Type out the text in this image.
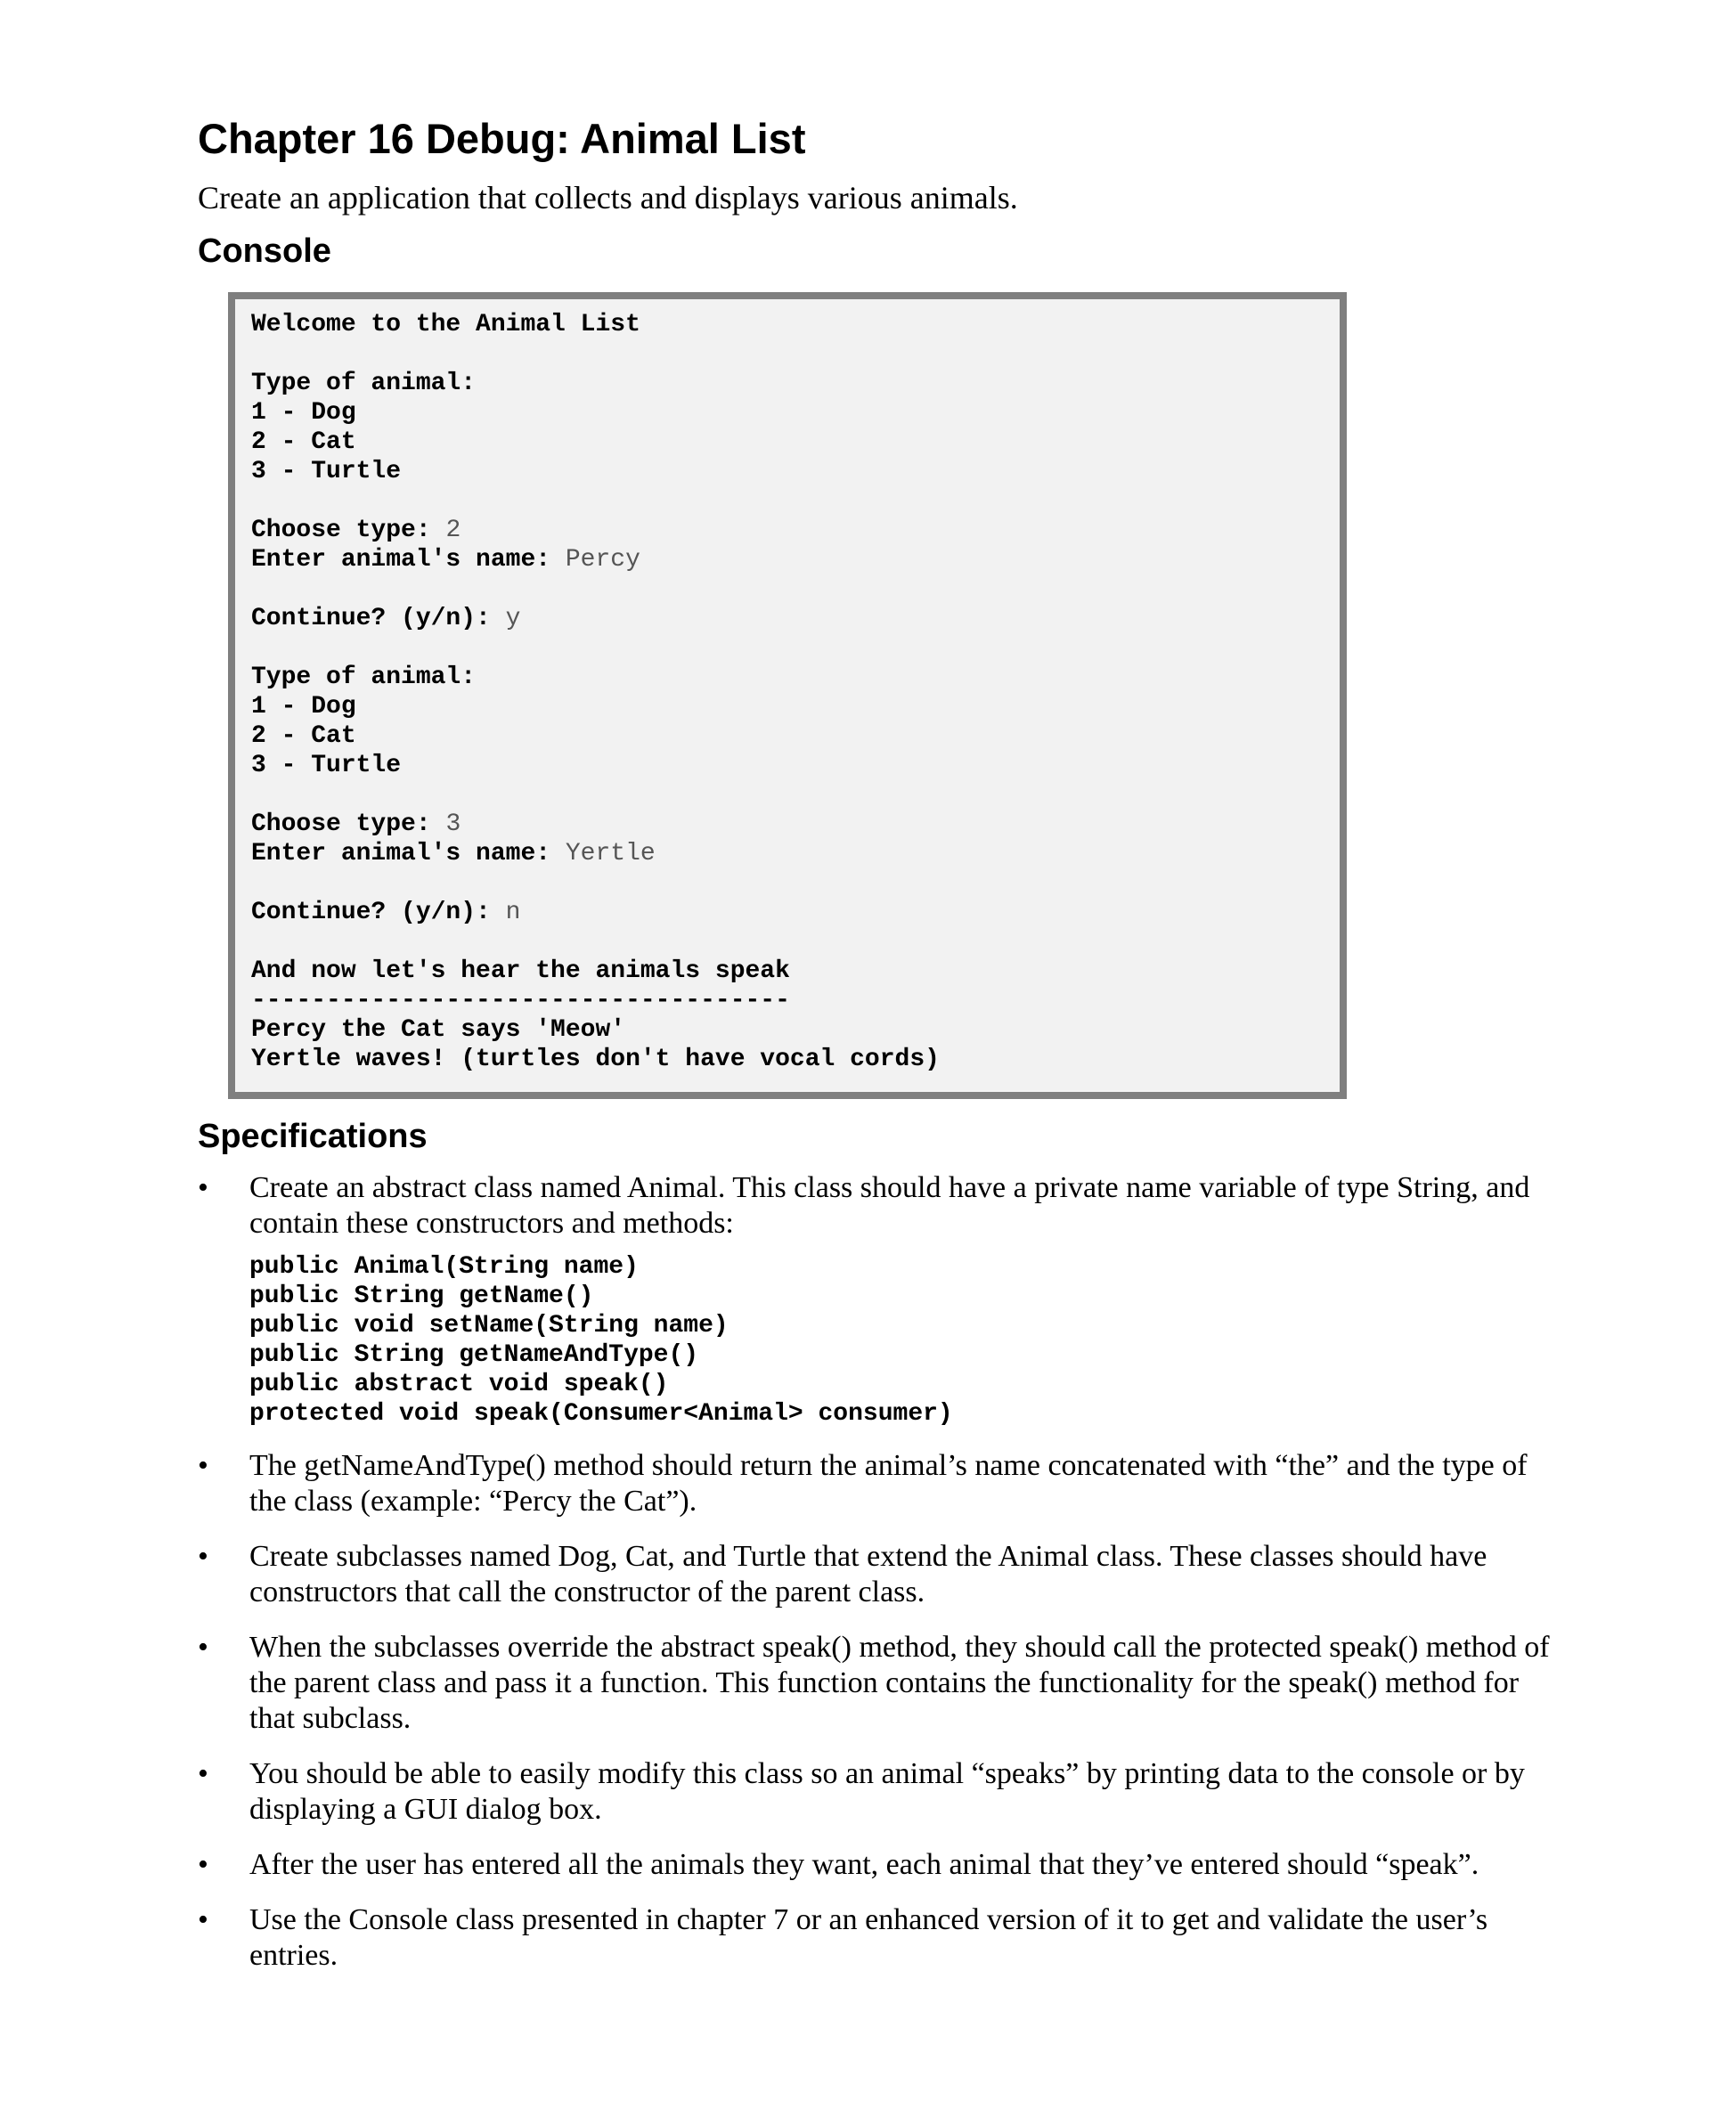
Chapter 16 Debug: Animal List

Create an application that collects and displays various animals.

Console
Welcome to the Animal List
Type of animal:
1 - Dog
2 - Cat
3 - Turtle
Choose type: 2
Enter animal's name: Percy
Continue? (y/n): y
Type of animal:
1 - Dog
2 - Cat
3 - Turtle
Choose type: 3
Enter animal's name: Yertle
Continue? (y/n): n
And now let's hear the animals speak
------------------------------------
Percy the Cat says 'Meow'
Yertle waves! (turtles don't have vocal cords)
Specifications
• Create an abstract class named Animal. This class should have a private name variable of type String, and contain these constructors and methods:
public Animal(String name)
public String getName()
public void setName(String name)
public String getNameAndType()
public abstract void speak()
protected void speak(Consumer<Animal> consumer)
• The getNameAndType() method should return the animal’s name concatenated with “the” and the type of the class (example: “Percy the Cat”).
• Create subclasses named Dog, Cat, and Turtle that extend the Animal class. These classes should have constructors that call the constructor of the parent class.
• When the subclasses override the abstract speak() method, they should call the protected speak() method of the parent class and pass it a function. This function contains the functionality for the speak() method for that subclass.
• You should be able to easily modify this class so an animal “speaks” by printing data to the console or by displaying a GUI dialog box.
• After the user has entered all the animals they want, each animal that they’ve entered should “speak”.
• Use the Console class presented in chapter 7 or an enhanced version of it to get and validate the user’s entries.
